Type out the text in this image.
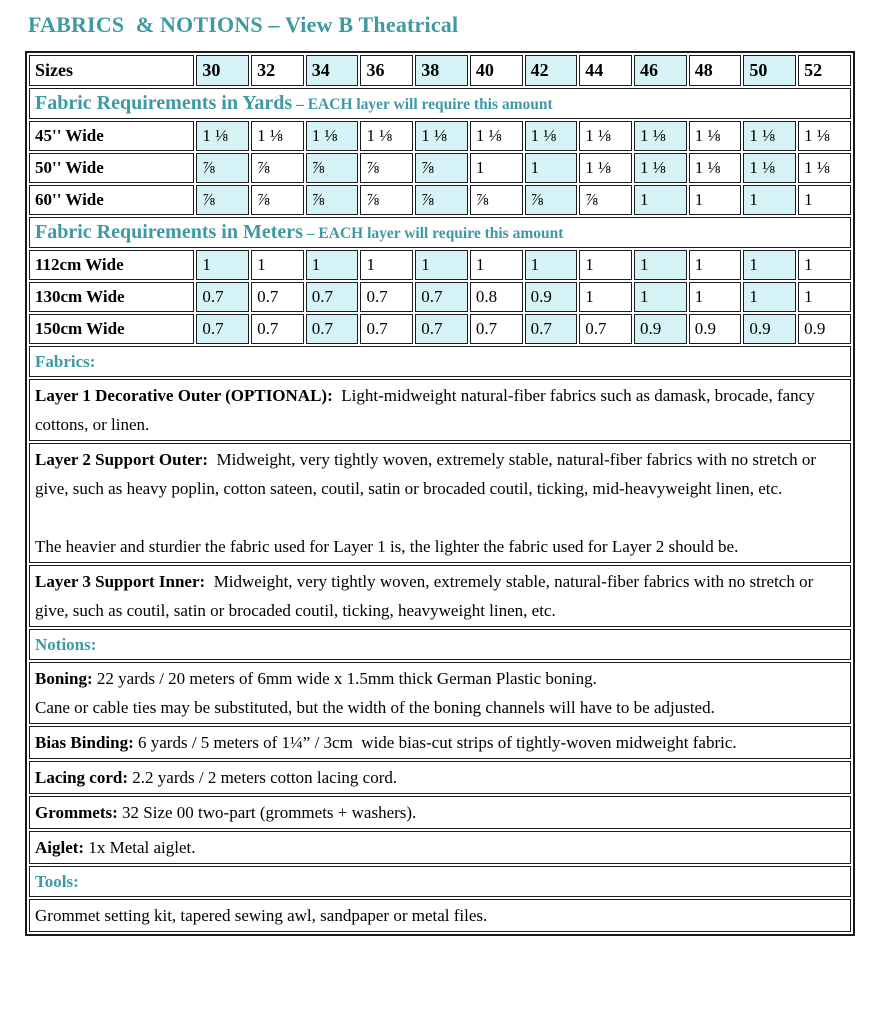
FABRICS  & NOTIONS – View B Theatrical
Sizes	30	32	34	36	38	40	42	44	46	48	50	52
Fabric Requirements in Yards – EACH layer will require this amount												
45'' Wide	1 ⅛	1 ⅛	1 ⅛	1 ⅛	1 ⅛	1 ⅛	1 ⅛	1 ⅛	1 ⅛	1 ⅛	1 ⅛	1 ⅛
50'' Wide	⅞	⅞	⅞	⅞	⅞	1	1	1 ⅛	1 ⅛	1 ⅛	1 ⅛	1 ⅛
60'' Wide	⅞	⅞	⅞	⅞	⅞	⅞	⅞	⅞	1	1	1	1
Fabric Requirements in Meters – EACH layer will require this amount												
112cm Wide	1	1	1	1	1	1	1	1	1	1	1	1
130cm Wide	0.7	0.7	0.7	0.7	0.7	0.8	0.9	1	1	1	1	1
150cm Wide	0.7	0.7	0.7	0.7	0.7	0.7	0.7	0.7	0.9	0.9	0.9	0.9
Fabrics:												

Layer 1 Decorative Outer (OPTIONAL):  Light-midweight natural-fiber fabrics such as damask, brocade, fancy cottons, or linen.												

Layer 2 Support Outer:  Midweight, very tightly woven, extremely stable, natural-fiber fabrics with no stretch or give, such as heavy poplin, cotton sateen, coutil, satin or brocaded coutil, ticking, mid-heavyweight linen, etc.
The heavier and sturdier the fabric used for Layer 1 is, the lighter the fabric used for Layer 2 should be.												

Layer 3 Support Inner:  Midweight, very tightly woven, extremely stable, natural-fiber fabrics with no stretch or give, such as coutil, satin or brocaded coutil, ticking, heavyweight linen, etc.												

Notions:												

Boning: 22 yards / 20 meters of 6mm wide x 1.5mm thick German Plastic boning.
Cane or cable ties may be substituted, but the width of the boning channels will have to be adjusted.												

Bias Binding: 6 yards / 5 meters of 1¼” / 3cm  wide bias-cut strips of tightly-woven midweight fabric.												

Lacing cord: 2.2 yards / 2 meters cotton lacing cord.												

Grommets: 32 Size 00 two-part (grommets + washers).												

Aiglet: 1x Metal aiglet.												

Tools:												
Grommet setting kit, tapered sewing awl, sandpaper or metal files.												
